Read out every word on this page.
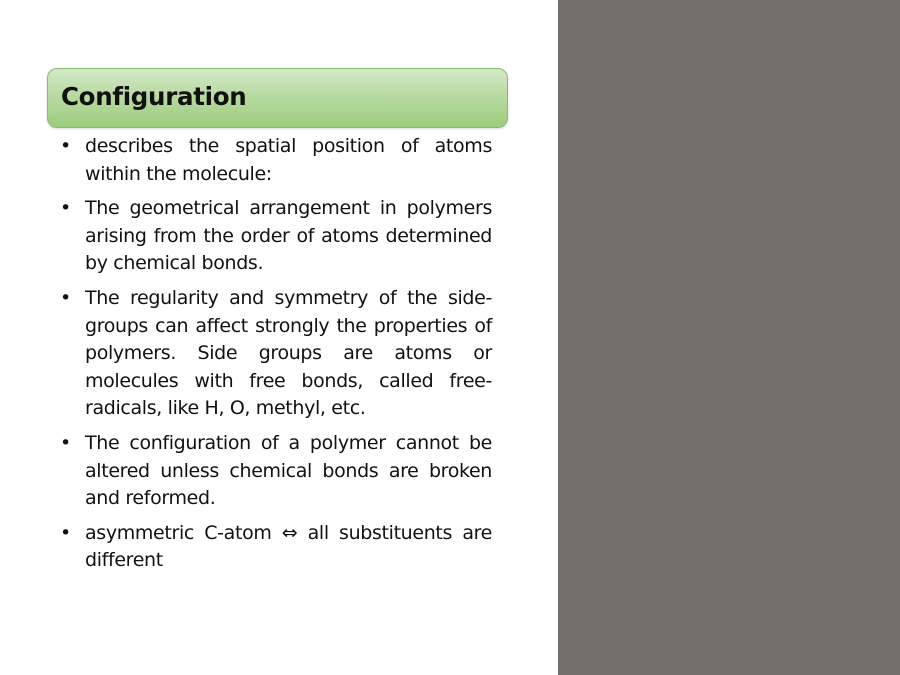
Configuration
• describes the spatial position of atoms within the molecule:
• The geometrical arrangement in polymers arising from the order of atoms determined by chemical bonds.
• The regularity and symmetry of the side-groups can affect strongly the properties of polymers. Side groups are atoms or molecules with free bonds, called free-radicals, like H, O, methyl, etc.
• The configuration of a polymer cannot be altered unless chemical bonds are broken and reformed.
• asymmetric C-atom ⇔ all substituents are different
